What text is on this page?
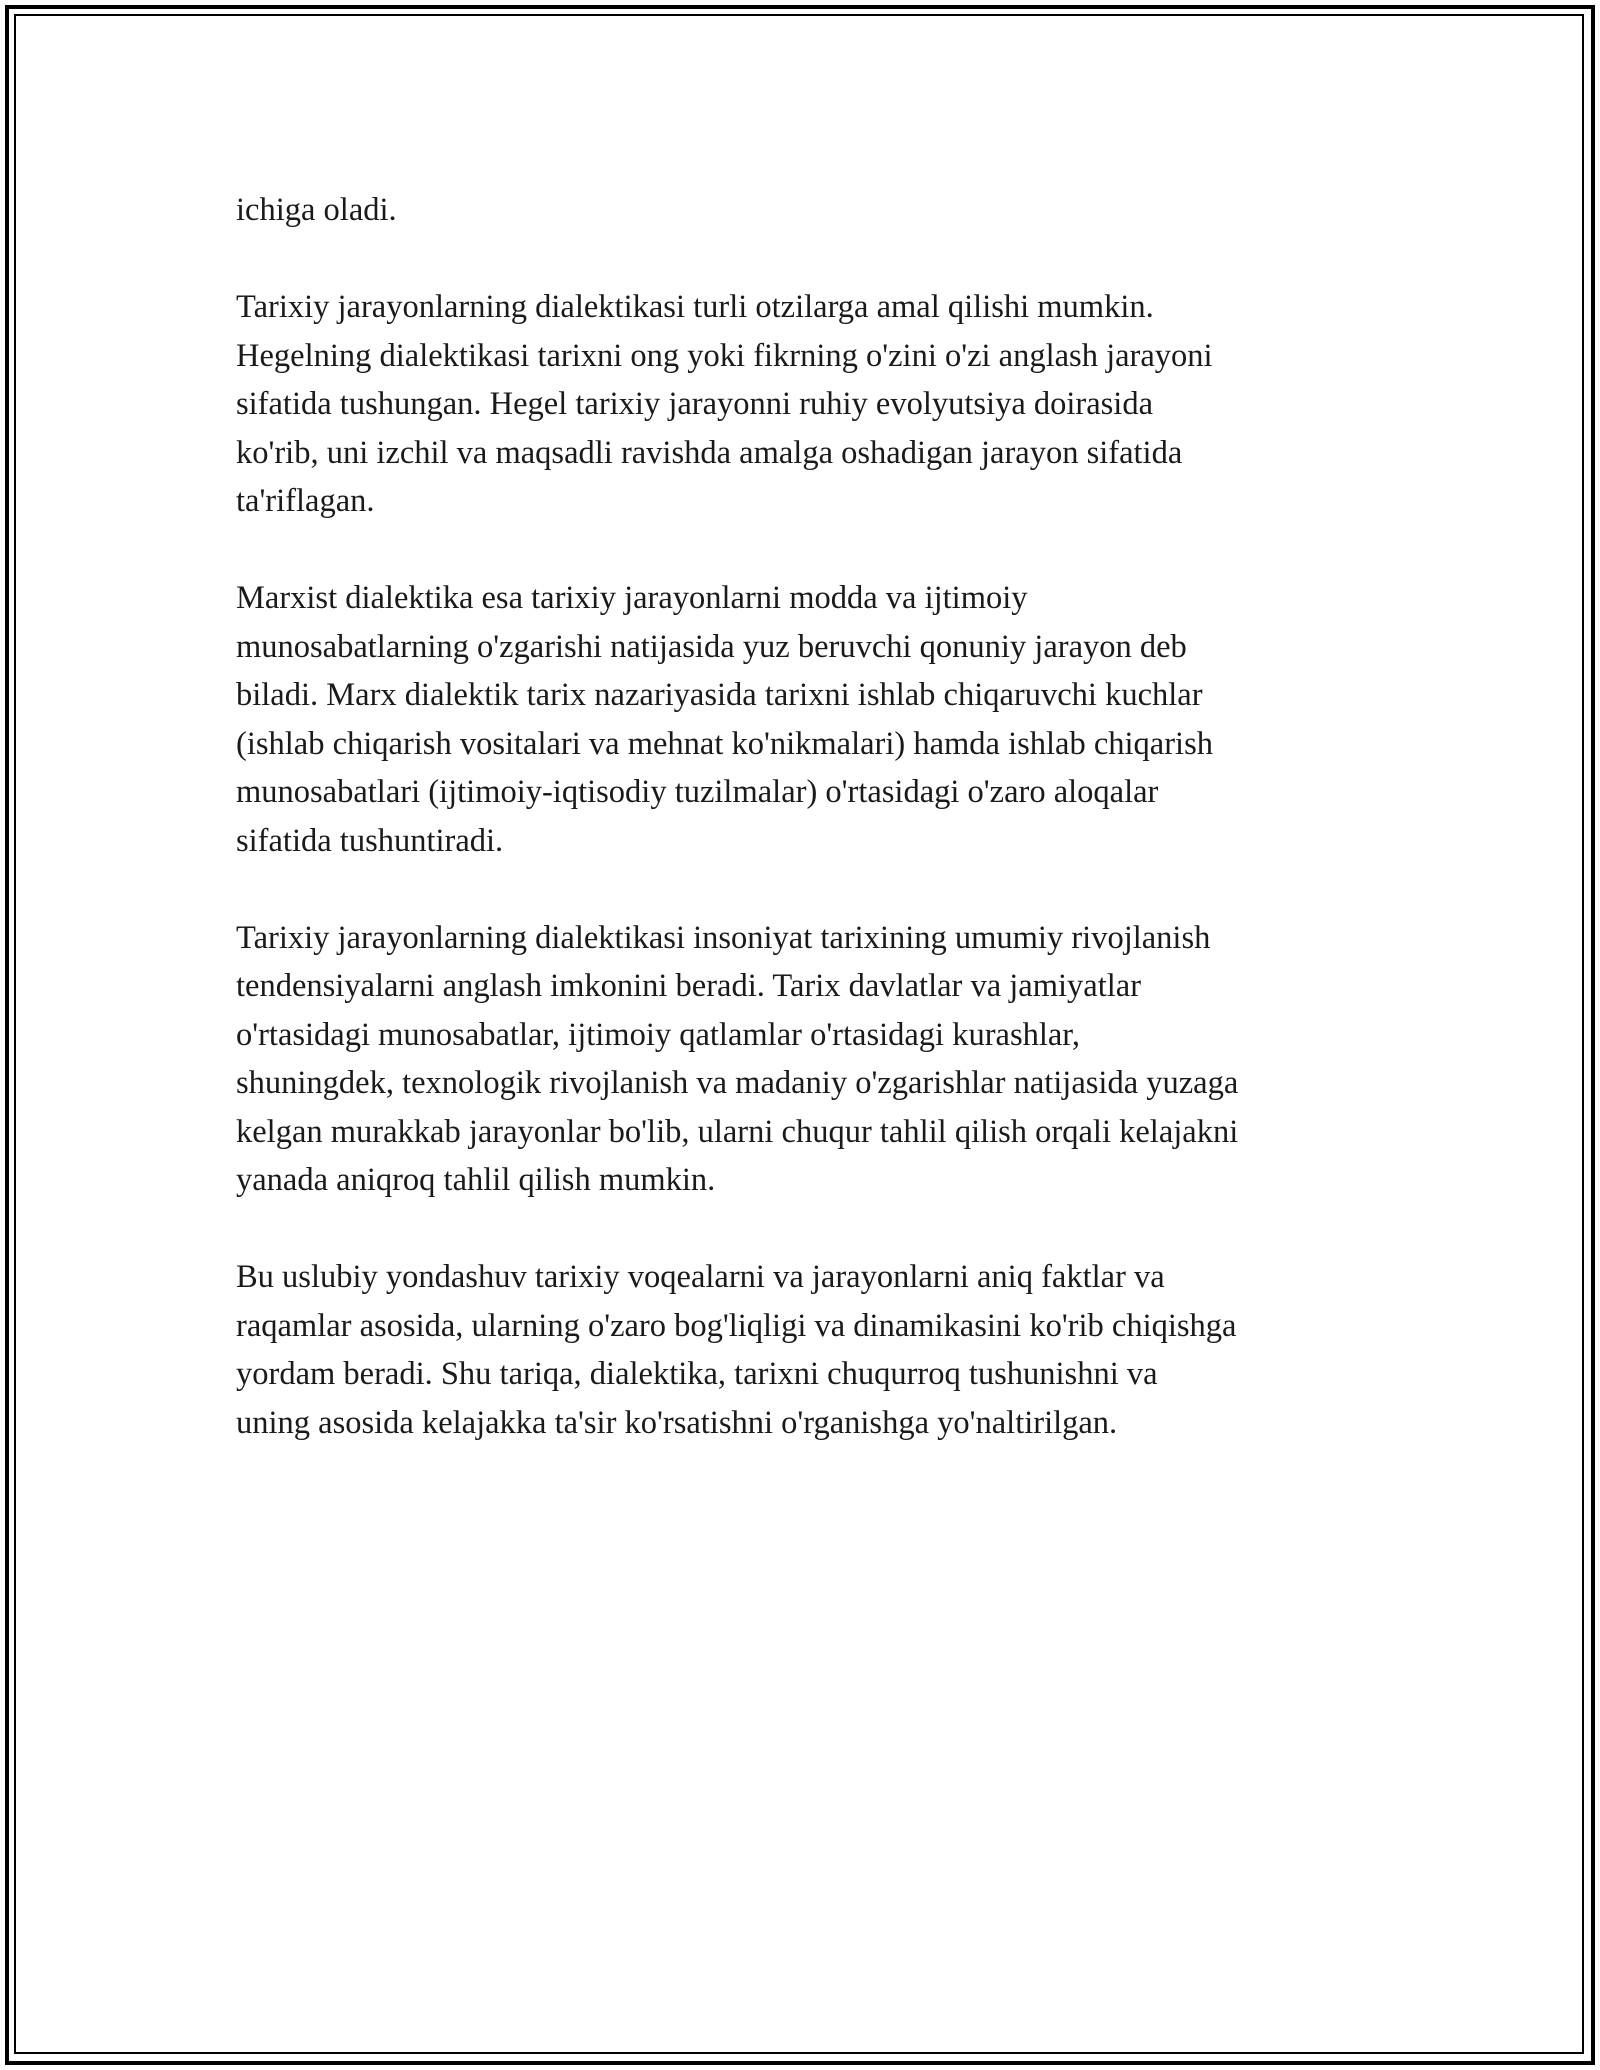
ichiga oladi.

Tarixiy jarayonlarning dialektikasi turli otzilarga amal qilishi mumkin.
Hegelning dialektikasi tarixni ong yoki fikrning o'zini o'zi anglash jarayoni
sifatida tushungan. Hegel tarixiy jarayonni ruhiy evolyutsiya doirasida
ko'rib, uni izchil va maqsadli ravishda amalga oshadigan jarayon sifatida
ta'riflagan.

Marxist dialektika esa tarixiy jarayonlarni modda va ijtimoiy
munosabatlarning o'zgarishi natijasida yuz beruvchi qonuniy jarayon deb
biladi. Marx dialektik tarix nazariyasida tarixni ishlab chiqaruvchi kuchlar
(ishlab chiqarish vositalari va mehnat ko'nikmalari) hamda ishlab chiqarish
munosabatlari (ijtimoiy-iqtisodiy tuzilmalar) o'rtasidagi o'zaro aloqalar
sifatida tushuntiradi.

Tarixiy jarayonlarning dialektikasi insoniyat tarixining umumiy rivojlanish
tendensiyalarni anglash imkonini beradi. Tarix davlatlar va jamiyatlar
o'rtasidagi munosabatlar, ijtimoiy qatlamlar o'rtasidagi kurashlar,
shuningdek, texnologik rivojlanish va madaniy o'zgarishlar natijasida yuzaga
kelgan murakkab jarayonlar bo'lib, ularni chuqur tahlil qilish orqali kelajakni
yanada aniqroq tahlil qilish mumkin.

Bu uslubiy yondashuv tarixiy voqealarni va jarayonlarni aniq faktlar va
raqamlar asosida, ularning o'zaro bog'liqligi va dinamikasini ko'rib chiqishga
yordam beradi. Shu tariqa, dialektika, tarixni chuqurroq tushunishni va
uning asosida kelajakka ta'sir ko'rsatishni o'rganishga yo'naltirilgan.
